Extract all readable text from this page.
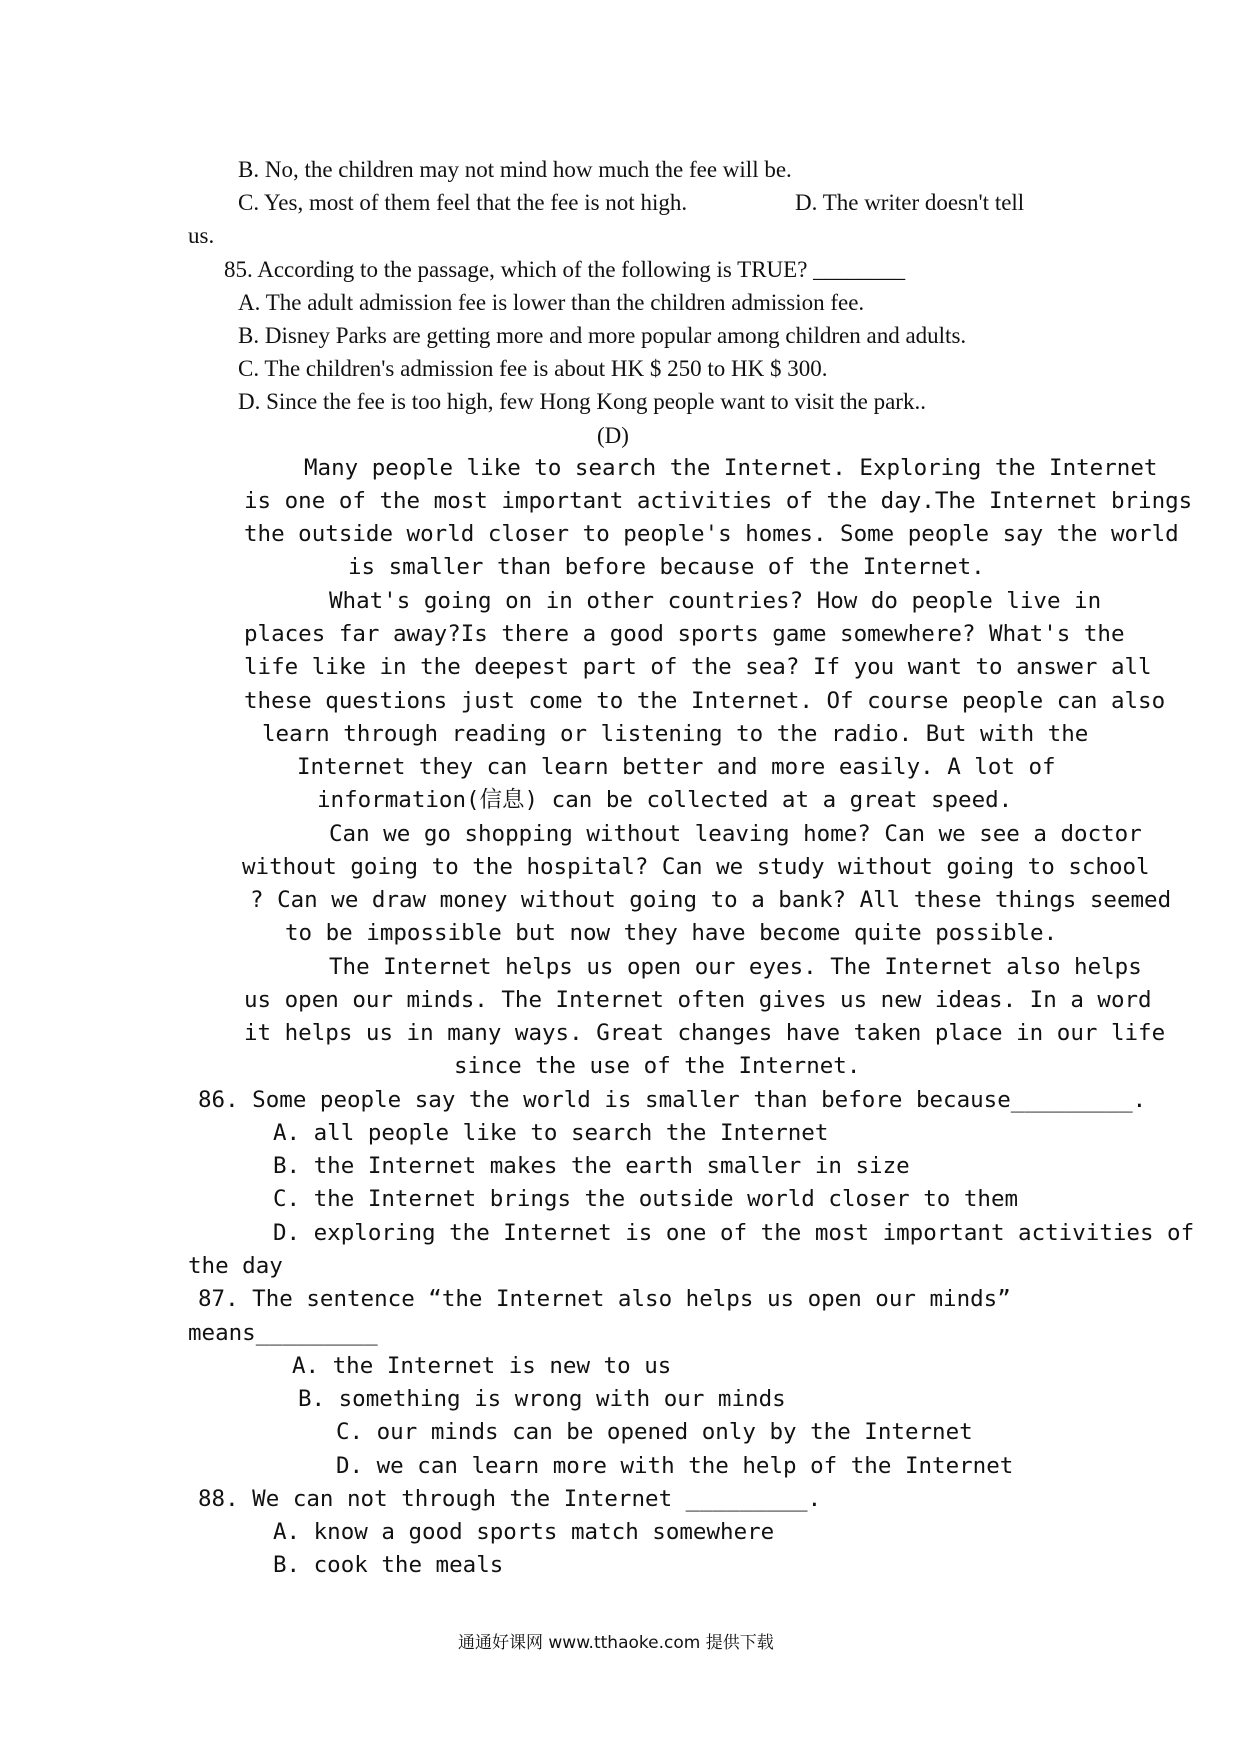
B. No, the children may not mind how much the fee will be.
C. Yes, most of them feel that the fee is not high.	D. The writer doesn't tell
us.
85. According to the passage, which of the following is TRUE? ________
A. The adult admission fee is lower than the children admission fee.
B. Disney Parks are getting more and more popular among children and adults.
C. The children's admission fee is about HK $ 250 to HK $ 300.
D. Since the fee is too high, few Hong Kong people want to visit the park..
(D)
Many people like to search the Internet. Exploring the Internet
is one of the most important activities of the day.The Internet brings
the outside world closer to people's homes. Some people say the world
is smaller than before because of the Internet.
What's going on in other countries? How do people live in
places far away?Is there a good sports game somewhere? What's the
life like in the deepest part of the sea? If you want to answer all
these questions just come to the Internet. Of course people can also
learn through reading or listening to the radio. But with the
Internet they can learn better and more easily. A lot of
information(信息) can be collected at a great speed.
Can we go shopping without leaving home? Can we see a doctor
without going to the hospital? Can we study without going to school
? Can we draw money without going to a bank? All these things seemed
to be impossible but now they have become quite possible.
The Internet helps us open our eyes. The Internet also helps
us open our minds. The Internet often gives us new ideas. In a word
it helps us in many ways. Great changes have taken place in our life
since the use of the Internet.
86. Some people say the world is smaller than before because_________.
A. all people like to search the Internet
B. the Internet makes the earth smaller in size
C. the Internet brings the outside world closer to them
D. exploring the Internet is one of the most important activities of
the day
87. The sentence “the Internet also helps us open our minds”
means_________
A. the Internet is new to us
B. something is wrong with our minds
C. our minds can be opened only by the Internet
D. we can learn more with the help of the Internet
88. We can not through the Internet _________.
A. know a good sports match somewhere
B. cook the meals
通通好课网 www.tthaoke.com 提供下载
